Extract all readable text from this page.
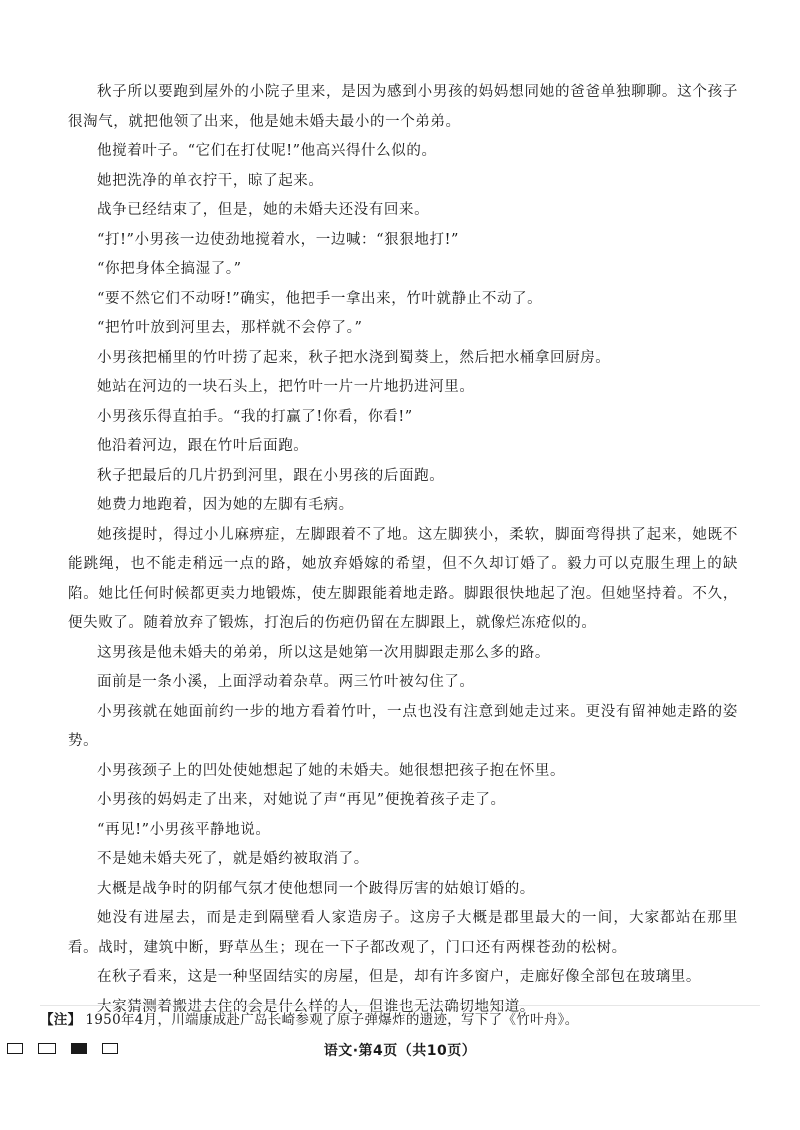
秋子所以要跑到屋外的小院子里来，是因为感到小男孩的妈妈想同她的爸爸单独聊聊。这个孩子很淘气，就把他领了出来，他是她未婚夫最小的一个弟弟。

他搅着叶子。“它们在打仗呢!”他高兴得什么似的。

她把洗净的单衣拧干，晾了起来。

战争已经结束了，但是，她的未婚夫还没有回来。

“打!”小男孩一边使劲地搅着水，一边喊：“狠狠地打!”

“你把身体全搞湿了。”

“要不然它们不动呀!”确实，他把手一拿出来，竹叶就静止不动了。

“把竹叶放到河里去，那样就不会停了。”

小男孩把桶里的竹叶捞了起来，秋子把水浇到蜀葵上，然后把水桶拿回厨房。

她站在河边的一块石头上，把竹叶一片一片地扔进河里。

小男孩乐得直拍手。“我的打赢了!你看，你看!”

他沿着河边，跟在竹叶后面跑。

秋子把最后的几片扔到河里，跟在小男孩的后面跑。

她费力地跑着，因为她的左脚有毛病。

她孩提时，得过小儿麻痹症，左脚跟着不了地。这左脚狭小，柔软，脚面弯得拱了起来，她既不能跳绳，也不能走稍远一点的路，她放弃婚嫁的希望，但不久却订婚了。毅力可以克服生理上的缺陷。她比任何时候都更卖力地锻炼，使左脚跟能着地走路。脚跟很快地起了泡。但她坚持着。不久，便失败了。随着放弃了锻炼，打泡后的伤疤仍留在左脚跟上，就像烂冻疮似的。

这男孩是他未婚夫的弟弟，所以这是她第一次用脚跟走那么多的路。

面前是一条小溪，上面浮动着杂草。两三竹叶被勾住了。

小男孩就在她面前约一步的地方看着竹叶，一点也没有注意到她走过来。更没有留神她走路的姿势。

小男孩颈子上的凹处使她想起了她的未婚夫。她很想把孩子抱在怀里。

小男孩的妈妈走了出来，对她说了声“再见”便挽着孩子走了。

“再见!”小男孩平静地说。

不是她未婚夫死了，就是婚约被取消了。

大概是战争时的阴郁气氛才使他想同一个跛得厉害的姑娘订婚的。

她没有进屋去，而是走到隔壁看人家造房子。这房子大概是郡里最大的一间，大家都站在那里看。战时，建筑中断，野草丛生；现在一下子都改观了，门口还有两棵苍劲的松树。

在秋子看来，这是一种坚固结实的房屋，但是，却有许多窗户，走廊好像全部包在玻璃里。

大家猜测着搬进去住的会是什么样的人，但谁也无法确切地知道。

【注】 1950年4月，川端康成赴广岛长崎参观了原子弹爆炸的遗迹，写下了《竹叶舟》。
语文·第4页（共10页）
